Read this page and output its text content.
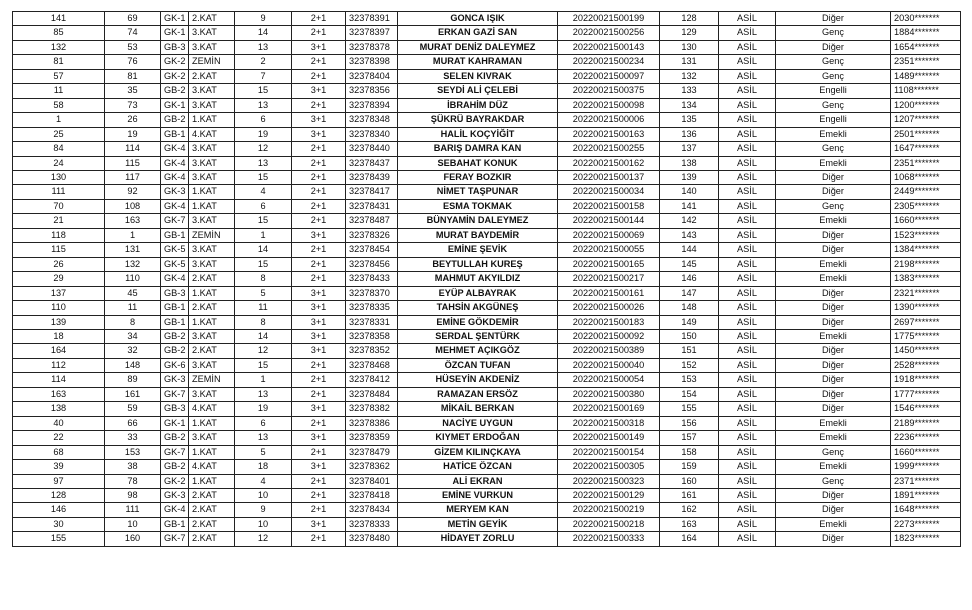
141	69	GK-1	2.KAT	9	2+1	32378391	GONCA IŞIK	20220021500199	128	ASİL	Diğer	2030*******
85	74	GK-1	3.KAT	14	2+1	32378397	ERKAN GAZİ SAN	20220021500256	129	ASİL	Genç	1884*******
132	53	GB-3	3.KAT	13	3+1	32378378	MURAT DENİZ DALEYMEZ	20220021500143	130	ASİL	Diğer	1654*******
81	76	GK-2	ZEMİN	2	2+1	32378398	MURAT KAHRAMAN	20220021500234	131	ASİL	Genç	2351*******
57	81	GK-2	2.KAT	7	2+1	32378404	SELEN KIVRAK	20220021500097	132	ASİL	Genç	1489*******
11	35	GB-2	3.KAT	15	3+1	32378356	SEYDİ ALİ ÇELEBİ	20220021500375	133	ASİL	Engelli	1108*******
58	73	GK-1	3.KAT	13	2+1	32378394	İBRAHİM DÜZ	20220021500098	134	ASİL	Genç	1200*******
1	26	GB-2	1.KAT	6	3+1	32378348	ŞÜKRÜ BAYRAKDAR	20220021500006	135	ASİL	Engelli	1207*******
25	19	GB-1	4.KAT	19	3+1	32378340	HALİL KOÇYİĞİT	20220021500163	136	ASİL	Emekli	2501*******
84	114	GK-4	3.KAT	12	2+1	32378440	BARIŞ DAMRA KAN	20220021500255	137	ASİL	Genç	1647*******
24	115	GK-4	3.KAT	13	2+1	32378437	SEBAHAT KONUK	20220021500162	138	ASİL	Emekli	2351*******
130	117	GK-4	3.KAT	15	2+1	32378439	FERAY BOZKIR	20220021500137	139	ASİL	Diğer	1068*******
111	92	GK-3	1.KAT	4	2+1	32378417	NİMET TAŞPUNAR	20220021500034	140	ASİL	Diğer	2449*******
70	108	GK-4	1.KAT	6	2+1	32378431	ESMA TOKMAK	20220021500158	141	ASİL	Genç	2305*******
21	163	GK-7	3.KAT	15	2+1	32378487	BÜNYAMİN DALEYMEZ	20220021500144	142	ASİL	Emekli	1660*******
118	1	GB-1	ZEMİN	1	3+1	32378326	MURAT BAYDEMİR	20220021500069	143	ASİL	Diğer	1523*******
115	131	GK-5	3.KAT	14	2+1	32378454	EMİNE ŞEVİK	20220021500055	144	ASİL	Diğer	1384*******
26	132	GK-5	3.KAT	15	2+1	32378456	BEYTULLAH KUREŞ	20220021500165	145	ASİL	Emekli	2198*******
29	110	GK-4	2.KAT	8	2+1	32378433	MAHMUT AKYILDIZ	20220021500217	146	ASİL	Emekli	1383*******
137	45	GB-3	1.KAT	5	3+1	32378370	EYÜP ALBAYRAK	20220021500161	147	ASİL	Diğer	2321*******
110	11	GB-1	2.KAT	11	3+1	32378335	TAHSİN AKGÜNEŞ	20220021500026	148	ASİL	Diğer	1390*******
139	8	GB-1	1.KAT	8	3+1	32378331	EMİNE GÖKDEMİR	20220021500183	149	ASİL	Diğer	2697*******
18	34	GB-2	3.KAT	14	3+1	32378358	SERDAL ŞENTÜRK	20220021500092	150	ASİL	Emekli	1775*******
164	32	GB-2	2.KAT	12	3+1	32378352	MEHMET AÇIKGÖZ	20220021500389	151	ASİL	Diğer	1450*******
112	148	GK-6	3.KAT	15	2+1	32378468	ÖZCAN TUFAN	20220021500040	152	ASİL	Diğer	2528*******
114	89	GK-3	ZEMİN	1	2+1	32378412	HÜSEYİN AKDENİZ	20220021500054	153	ASİL	Diğer	1918*******
163	161	GK-7	3.KAT	13	2+1	32378484	RAMAZAN ERSÖZ	20220021500380	154	ASİL	Diğer	1777*******
138	59	GB-3	4.KAT	19	3+1	32378382	MİKAİL BERKAN	20220021500169	155	ASİL	Diğer	1546*******
40	66	GK-1	1.KAT	6	2+1	32378386	NACİYE UYGUN	20220021500318	156	ASİL	Emekli	2189*******
22	33	GB-2	3.KAT	13	3+1	32378359	KIYMET ERDOĞAN	20220021500149	157	ASİL	Emekli	2236*******
68	153	GK-7	1.KAT	5	2+1	32378479	GİZEM KILINÇKAYA	20220021500154	158	ASİL	Genç	1660*******
39	38	GB-2	4.KAT	18	3+1	32378362	HATİCE ÖZCAN	20220021500305	159	ASİL	Emekli	1999*******
97	78	GK-2	1.KAT	4	2+1	32378401	ALİ EKRAN	20220021500323	160	ASİL	Genç	2371*******
128	98	GK-3	2.KAT	10	2+1	32378418	EMİNE VURKUN	20220021500129	161	ASİL	Diğer	1891*******
146	111	GK-4	2.KAT	9	2+1	32378434	MERYEM KAN	20220021500219	162	ASİL	Diğer	1648*******
30	10	GB-1	2.KAT	10	3+1	32378333	METİN GEYİK	20220021500218	163	ASİL	Emekli	2273*******
155	160	GK-7	2.KAT	12	2+1	32378480	HİDAYET ZORLU	20220021500333	164	ASİL	Diğer	1823*******
